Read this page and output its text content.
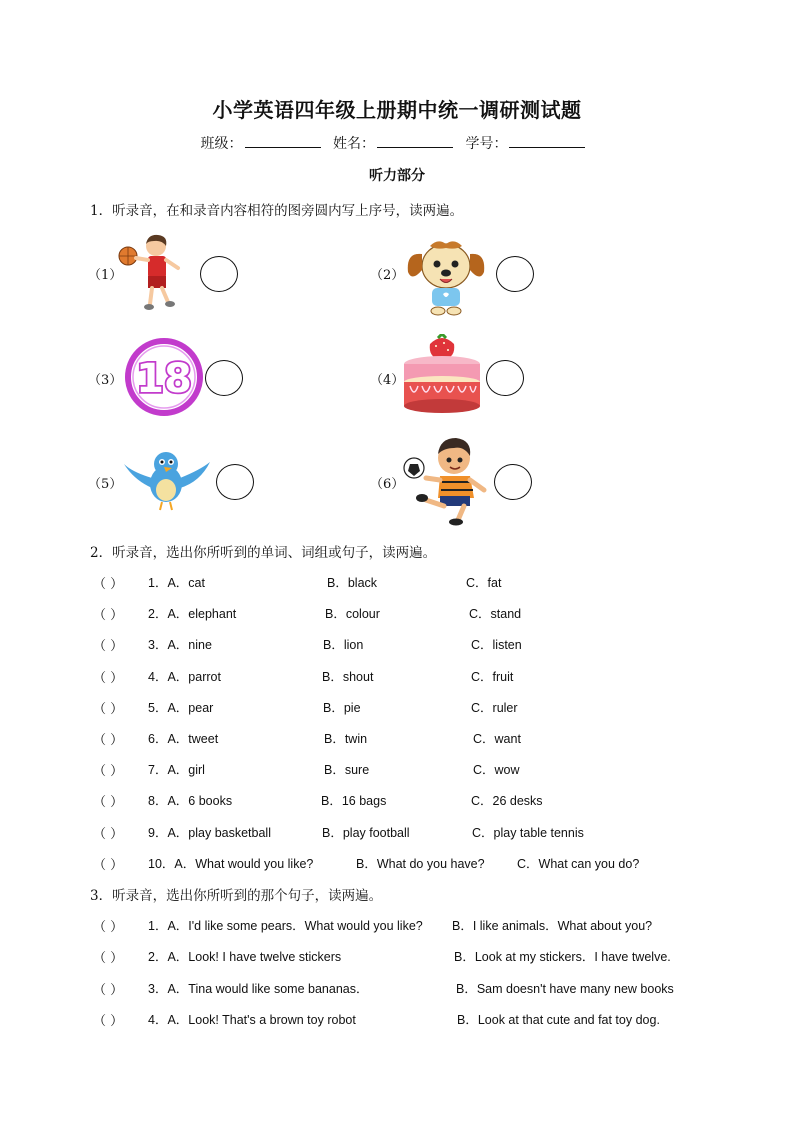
小学英语四年级上册期中统一调研测试题
班级：	姓名：	学号：
听力部分
1．听录音，在和录音内容相符的图旁圆内写上序号，读两遍。
（1）	（2）
（3） 18	（4）
（5）	（6）
2．听录音，选出你所听到的单词、词组或句子，读两遍。
（ ） 1．A．cat	B．black	C．fat
（ ） 2．A．elephant	B．colour	C．stand
（ ） 3．A．nine	B．lion	C．listen
（ ） 4．A．parrot	B．shout	C．fruit
（ ） 5．A．pear	B．pie	C．ruler
（ ） 6．A．tweet	B．twin	C．want
（ ） 7．A．girl	B．sure	C．wow
（ ） 8．A．6 books	B．16 bags	C．26 desks
（ ） 9．A．play basketball	B．play football	C．play table tennis
（ ） 10．A．What would you like?	B．What do you have?	C．What can you do?
3．听录音，选出你所听到的那个句子，读两遍。
（ ） 1．A．I'd like some pears．What would you like? B．I like animals．What about you?
（ ） 2．A．Look! I have twelve stickers	B．Look at my stickers．I have twelve.
（ ） 3．A．Tina would like some bananas．	B．Sam doesn't have many new books
（ ） 4．A．Look! That's a brown toy robot	B．Look at that cute and fat toy dog.
